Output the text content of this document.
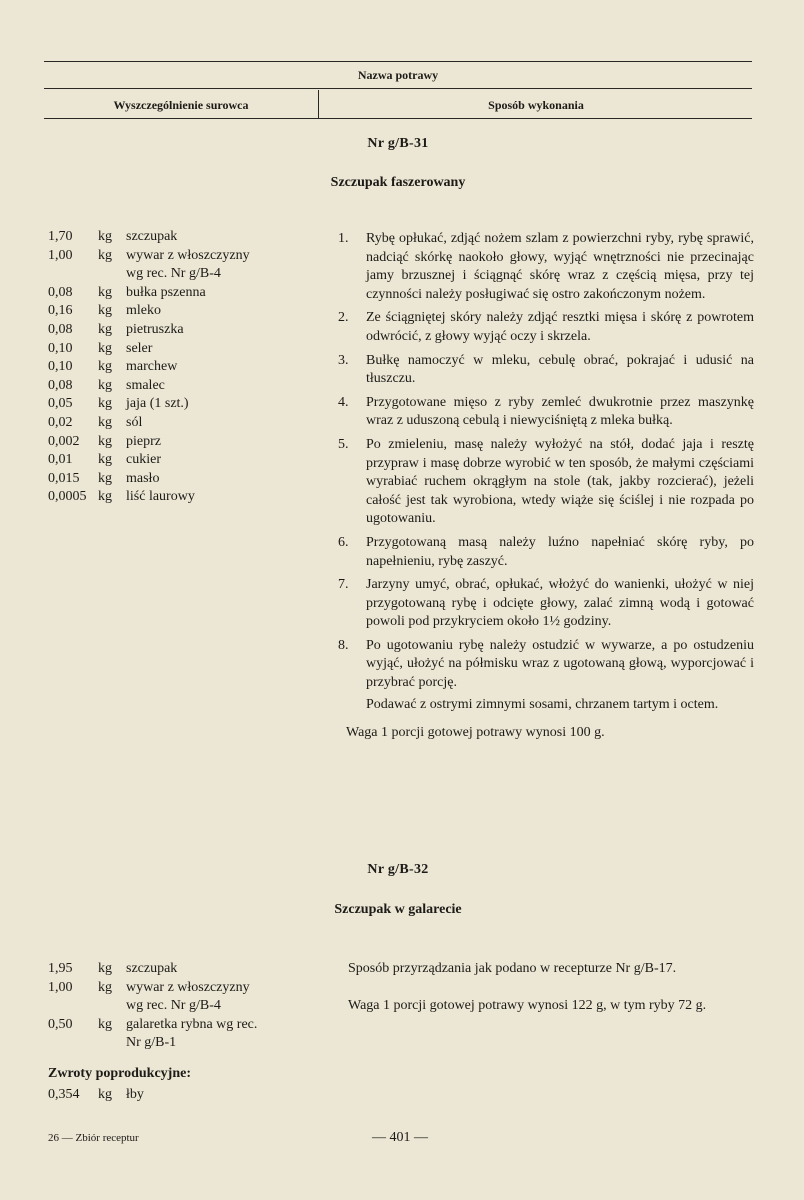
Nazwa potrawy
Wyszczególnienie surowca	Sposób wykonania
Nr g/B-31
Szczupak faszerowany
1,70	kg	szczupak
1,00	kg	wywar z włoszczyzny
wg rec. Nr g/B-4
0,08	kg	bułka pszenna
0,16	kg	mleko
0,08	kg	pietruszka
0,10	kg	seler
0,10	kg	marchew
0,08	kg	smalec
0,05	kg	jaja (1 szt.)
0,02	kg	sól
0,002	kg	pieprz
0,01	kg	cukier
0,015	kg	masło
0,0005 kg	liść laurowy
1.	Rybę opłukać, zdjąć nożem szlam z powierzchni ryby, rybę sprawić, nadciąć skórkę naokoło głowy, wyjąć wnętrzności nie przecinając jamy brzusznej i ściągnąć skórę wraz z częścią mięsa, przy tej czynności należy posługiwać się ostro zakończonym nożem.
2.	Ze ściągniętej skóry należy zdjąć resztki mięsa i skórę z powrotem odwrócić, z głowy wyjąć oczy i skrzela.
3.	Bułkę namoczyć w mleku, cebulę obrać, pokrajać i udusić na tłuszczu.
4.	Przygotowane mięso z ryby zemleć dwukrotnie przez maszynkę wraz z uduszoną cebulą i niewyciśniętą z mleka bułką.
5.	Po zmieleniu, masę należy wyłożyć na stół, dodać jaja i resztę przypraw i masę dobrze wyrobić w ten sposób, że małymi częściami wyrabiać ruchem okrągłym na stole (tak, jakby rozcierać), jeżeli całość jest tak wyrobiona, wtedy wiąże się ściślej i nie rozpada po ugotowaniu.
6.	Przygotowaną masą należy luźno napełniać skórę ryby, po napełnieniu, rybę zaszyć.
7.	Jarzyny umyć, obrać, opłukać, włożyć do wanienki, ułożyć w niej przygotowaną rybę i odcięte głowy, zalać zimną wodą i gotować powoli pod przykryciem około 1½ godziny.
8.	Po ugotowaniu rybę należy ostudzić w wywarze, a po ostudzeniu wyjąć, ułożyć na półmisku wraz z ugotowaną głową, wyporcjować i przybrać porcję.
Podawać z ostrymi zimnymi sosami, chrzanem tartym i octem.
Waga 1 porcji gotowej potrawy wynosi 100 g.
Nr g/B-32
Szczupak w galarecie
1,95	kg	szczupak
1,00	kg	wywar z włoszczyzny
wg rec. Nr g/B-4
0,50	kg	galaretka rybna wg rec.
Nr g/B-1
Sposób przyrządzania jak podano w recepturze Nr g/B-17.
Waga 1 porcji gotowej potrawy wynosi 122 g, w tym ryby 72 g.
Zwroty poprodukcyjne:
0,354	kg	łby
26 — Zbiór receptur	— 401 —
